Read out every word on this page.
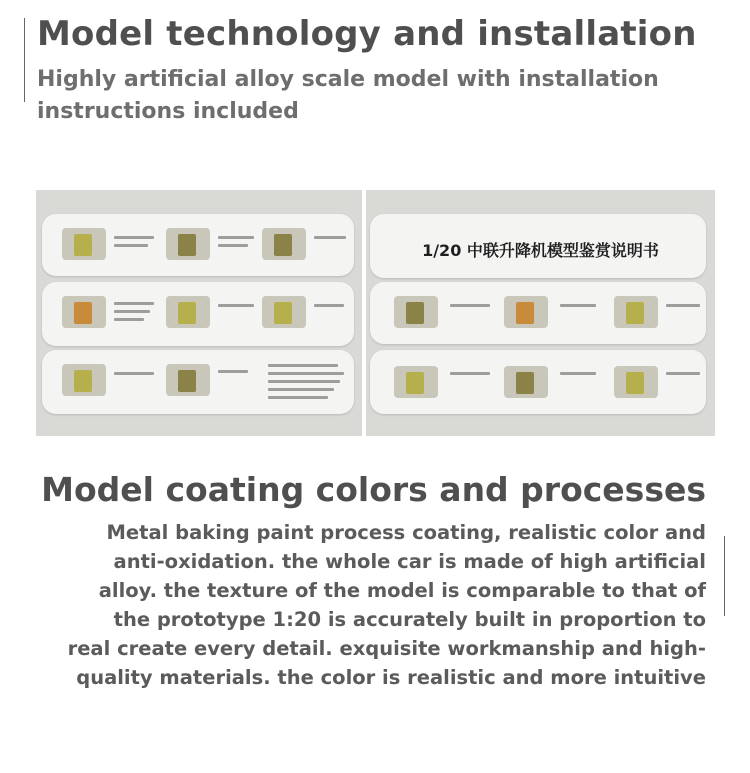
Model technology and installation

Highly artificial alloy scale model with installation instructions included

1/20 中联升降机模型鉴赏说明书
Model coating colors and processes

Metal baking paint process coating, realistic color and anti-oxidation. the whole car is made of high artificial alloy. the texture of the model is comparable to that of the prototype 1:20 is accurately built in proportion to real create every detail. exquisite workmanship and high-quality materials. the color is realistic and more intuitive
